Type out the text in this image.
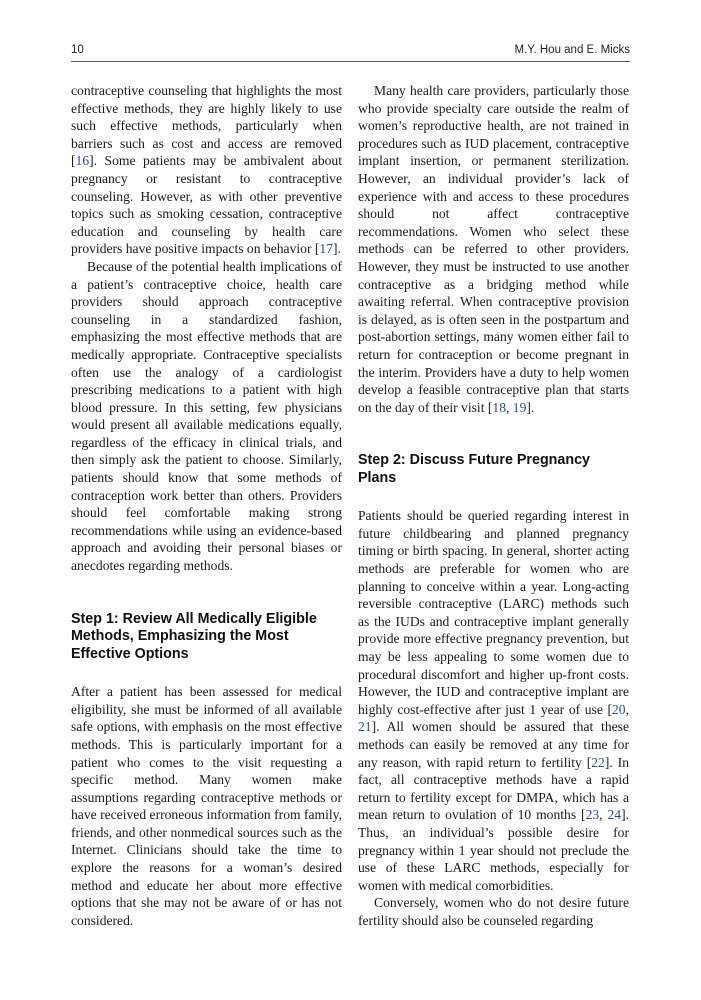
10	M.Y. Hou and E. Micks

contraceptive counseling that highlights the most effective methods, they are highly likely to use such effective methods, particularly when barriers such as cost and access are removed [16]. Some patients may be ambivalent about pregnancy or resistant to contraceptive counseling. However, as with other preventive topics such as smoking cessation, contraceptive education and counseling by health care providers have positive impacts on behavior [17].

Because of the potential health implications of a patient’s contraceptive choice, health care providers should approach contraceptive counseling in a standardized fashion, emphasizing the most effective methods that are medically appropriate. Contraceptive specialists often use the analogy of a cardiologist prescribing medications to a patient with high blood pressure. In this setting, few physicians would present all available medications equally, regardless of the efficacy in clinical trials, and then simply ask the patient to choose. Similarly, patients should know that some methods of contraception work better than others. Providers should feel comfortable making strong recommendations while using an evidence-based approach and avoiding their personal biases or anecdotes regarding methods.

Step 1: Review All Medically Eligible Methods, Emphasizing the Most Effective Options

After a patient has been assessed for medical eligibility, she must be informed of all available safe options, with emphasis on the most effective methods. This is particularly important for a patient who comes to the visit requesting a specific method. Many women make assumptions regarding contraceptive methods or have received erroneous information from family, friends, and other nonmedical sources such as the Internet. Clinicians should take the time to explore the reasons for a woman’s desired method and educate her about more effective options that she may not be aware of or has not considered.

Many health care providers, particularly those who provide specialty care outside the realm of women’s reproductive health, are not trained in procedures such as IUD placement, contraceptive implant insertion, or permanent sterilization. However, an individual provider’s lack of experience with and access to these procedures should not affect contraceptive recommendations. Women who select these methods can be referred to other providers. However, they must be instructed to use another contraceptive as a bridging method while awaiting referral. When contraceptive provision is delayed, as is often seen in the postpartum and post-abortion settings, many women either fail to return for contraception or become pregnant in the interim. Providers have a duty to help women develop a feasible contraceptive plan that starts on the day of their visit [18, 19].

Step 2: Discuss Future Pregnancy Plans

Patients should be queried regarding interest in future childbearing and planned pregnancy timing or birth spacing. In general, shorter acting methods are preferable for women who are planning to conceive within a year. Long-acting reversible contraceptive (LARC) methods such as the IUDs and contraceptive implant generally provide more effective pregnancy prevention, but may be less appealing to some women due to procedural discomfort and higher up-front costs. However, the IUD and contraceptive implant are highly cost-effective after just 1 year of use [20, 21]. All women should be assured that these methods can easily be removed at any time for any reason, with rapid return to fertility [22]. In fact, all contraceptive methods have a rapid return to fertility except for DMPA, which has a mean return to ovulation of 10 months [23, 24]. Thus, an individual’s possible desire for pregnancy within 1 year should not preclude the use of these LARC methods, especially for women with medical comorbidities.

Conversely, women who do not desire future fertility should also be counseled regarding
